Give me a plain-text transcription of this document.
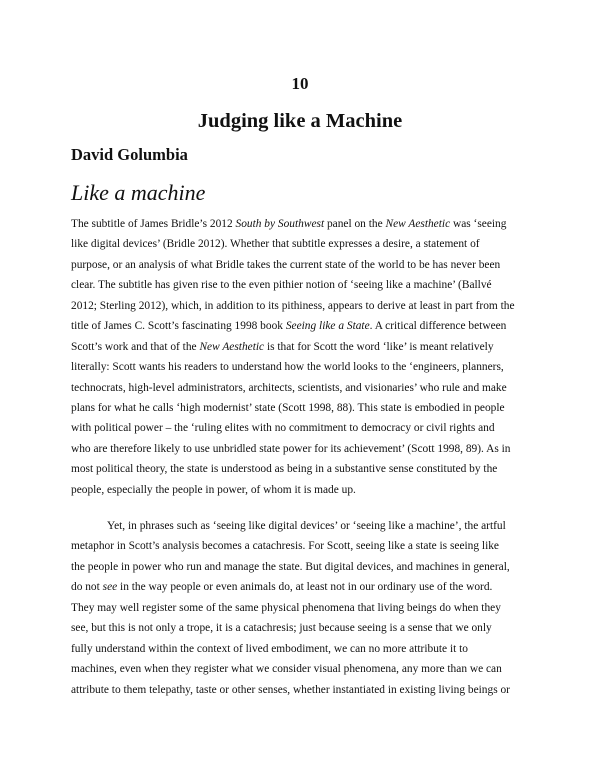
10
Judging like a Machine

David Golumbia

Like a machine
The subtitle of James Bridle’s 2012 South by Southwest panel on the New Aesthetic was ‘seeing
like digital devices’ (Bridle 2012). Whether that subtitle expresses a desire, a statement of
purpose, or an analysis of what Bridle takes the current state of the world to be has never been
clear. The subtitle has given rise to the even pithier notion of ‘seeing like a machine’ (Ballvé
2012; Sterling 2012), which, in addition to its pithiness, appears to derive at least in part from the
title of James C. Scott’s fascinating 1998 book Seeing like a State. A critical difference between
Scott’s work and that of the New Aesthetic is that for Scott the word ‘like’ is meant relatively
literally: Scott wants his readers to understand how the world looks to the ‘engineers, planners,
technocrats, high-level administrators, architects, scientists, and visionaries’ who rule and make
plans for what he calls ‘high modernist’ state (Scott 1998, 88). This state is embodied in people
with political power – the ‘ruling elites with no commitment to democracy or civil rights and
who are therefore likely to use unbridled state power for its achievement’ (Scott 1998, 89). As in
most political theory, the state is understood as being in a substantive sense constituted by the
people, especially the people in power, of whom it is made up.
Yet, in phrases such as ‘seeing like digital devices’ or ‘seeing like a machine’, the artful
metaphor in Scott’s analysis becomes a catachresis. For Scott, seeing like a state is seeing like
the people in power who run and manage the state. But digital devices, and machines in general,
do not see in the way people or even animals do, at least not in our ordinary use of the word.
They may well register some of the same physical phenomena that living beings do when they
see, but this is not only a trope, it is a catachresis; just because seeing is a sense that we only
fully understand within the context of lived embodiment, we can no more attribute it to
machines, even when they register what we consider visual phenomena, any more than we can
attribute to them telepathy, taste or other senses, whether instantiated in existing living beings or
